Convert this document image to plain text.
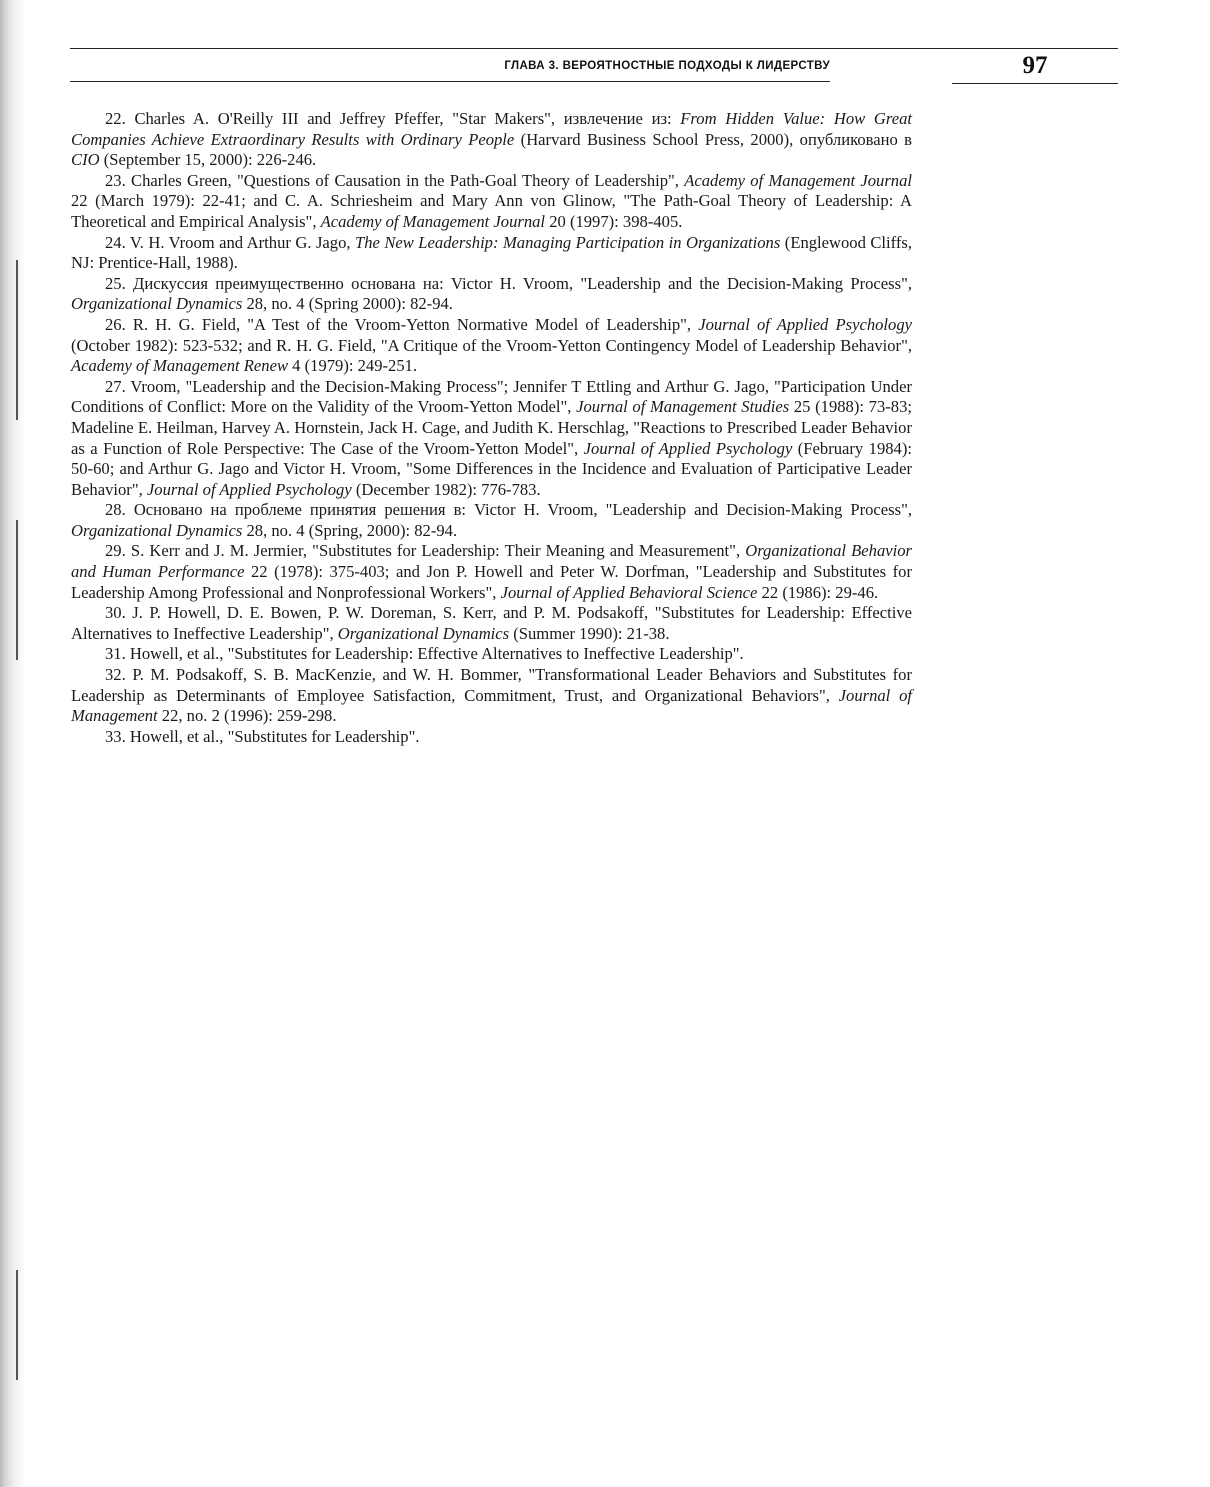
ГЛАВА 3. ВЕРОЯТНОСТНЫЕ ПОДХОДЫ К ЛИДЕРСТВУ	97

22. Charles A. O'Reilly III and Jeffrey Pfeffer, "Star Makers", извлечение из: From Hidden Value: How Great Companies Achieve Extraordinary Results with Ordinary People (Harvard Business School Press, 2000), опубликовано в CIO (September 15, 2000): 226-246.

23. Charles Green, "Questions of Causation in the Path-Goal Theory of Leadership", Academy of Management Journal 22 (March 1979): 22-41; and C. A. Schriesheim and Mary Ann von Glinow, "The Path-Goal Theory of Leadership: A Theoretical and Empirical Analysis", Academy of Management Journal 20 (1997): 398-405.

24. V. H. Vroom and Arthur G. Jago, The New Leadership: Managing Participation in Organizations (Englewood Cliffs, NJ: Prentice-Hall, 1988).

25. Дискуссия преимущественно основана на: Victor H. Vroom, "Leadership and the Decision-Making Process", Organizational Dynamics 28, no. 4 (Spring 2000): 82-94.

26. R. H. G. Field, "A Test of the Vroom-Yetton Normative Model of Leadership", Journal of Applied Psychology (October 1982): 523-532; and R. H. G. Field, "A Critique of the Vroom-Yetton Contingency Model of Leadership Behavior", Academy of Management Renew 4 (1979): 249-251.

27. Vroom, "Leadership and the Decision-Making Process"; Jennifer T Ettling and Arthur G. Jago, "Participation Under Conditions of Conflict: More on the Validity of the Vroom-Yetton Model", Journal of Management Studies 25 (1988): 73-83; Madeline E. Heilman, Harvey A. Hornstein, Jack H. Cage, and Judith K. Herschlag, "Reactions to Prescribed Leader Behavior as a Function of Role Perspective: The Case of the Vroom-Yetton Model", Journal of Applied Psychology (February 1984): 50-60; and Arthur G. Jago and Victor H. Vroom, "Some Differences in the Incidence and Evaluation of Participative Leader Behavior", Journal of Applied Psychology (December 1982): 776-783.

28. Основано на проблеме принятия решения в: Victor H. Vroom, "Leadership and Decision-Making Process", Organizational Dynamics 28, no. 4 (Spring, 2000): 82-94.

29. S. Kerr and J. M. Jermier, "Substitutes for Leadership: Their Meaning and Measurement", Organizational Behavior and Human Performance 22 (1978): 375-403; and Jon P. Howell and Peter W. Dorfman, "Leadership and Substitutes for Leadership Among Professional and Nonprofessional Workers", Journal of Applied Behavioral Science 22 (1986): 29-46.

30. J. P. Howell, D. E. Bowen, P. W. Doreman, S. Kerr, and P. M. Podsakoff, "Substitutes for Leadership: Effective Alternatives to Ineffective Leadership", Organizational Dynamics (Summer 1990): 21-38.

31. Howell, et al., "Substitutes for Leadership: Effective Alternatives to Ineffective Leadership".

32. P. M. Podsakoff, S. B. MacKenzie, and W. H. Bommer, "Transformational Leader Behaviors and Substitutes for Leadership as Determinants of Employee Satisfaction, Commitment, Trust, and Organizational Behaviors", Journal of Management 22, no. 2 (1996): 259-298.

33. Howell, et al., "Substitutes for Leadership".
